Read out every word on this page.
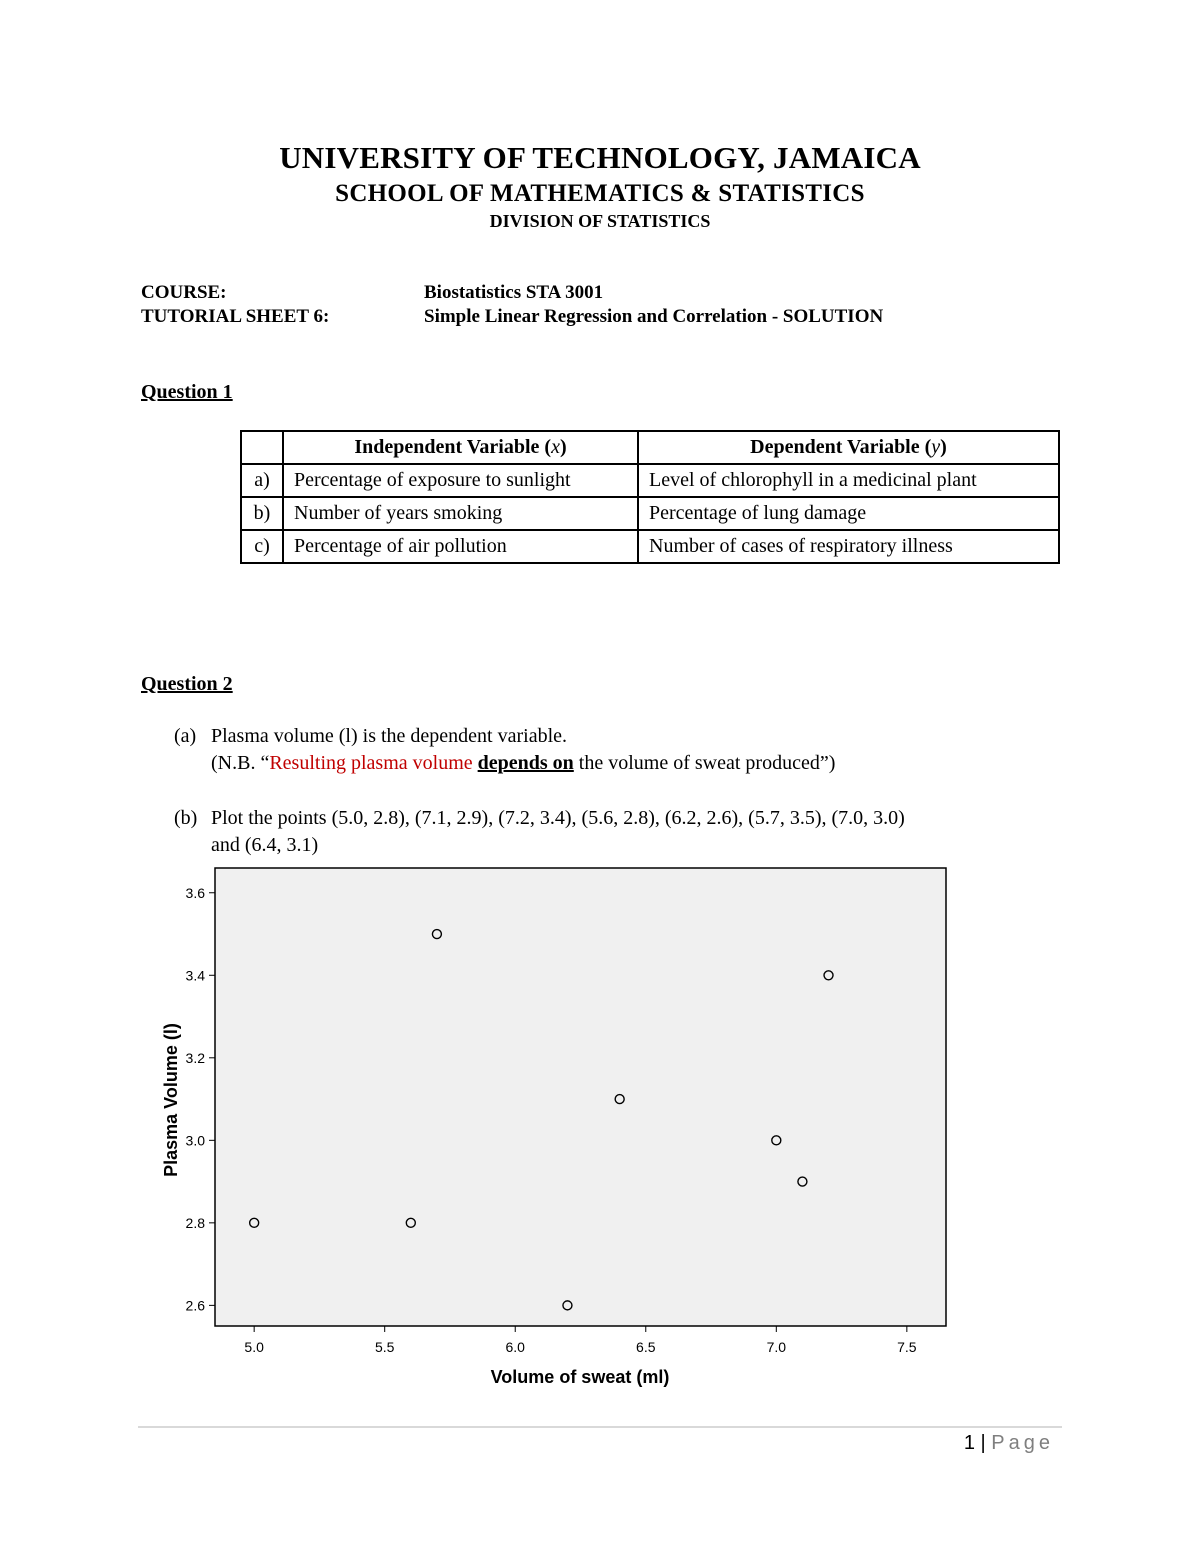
UNIVERSITY OF TECHNOLOGY, JAMAICA
SCHOOL OF MATHEMATICS & STATISTICS
DIVISION OF STATISTICS
COURSE:	Biostatistics STA 3001
TUTORIAL SHEET 6:	Simple Linear Regression and Correlation - SOLUTION
Question 1
	Independent Variable (x)	Dependent Variable (y)
a)	Percentage of exposure to sunlight	Level of chlorophyll in a medicinal plant
b)	Number of years smoking	Percentage of lung damage
c)	Percentage of air pollution	Number of cases of respiratory illness
Question 2
(a) Plasma volume (l) is the dependent variable.
(N.B. “Resulting plasma volume depends on the volume of sweat produced”)
(b) Plot the points (5.0, 2.8), (7.1, 2.9), (7.2, 3.4), (5.6, 2.8), (6.2, 2.6), (5.7, 3.5), (7.0, 3.0)
and (6.4, 3.1)
5.0	5.5	6.0	6.5	7.0	7.5
2.6
2.8
3.0
3.2
3.4
3.6
Volume of sweat (ml)
Plasma Volume (l)
1 | Page
